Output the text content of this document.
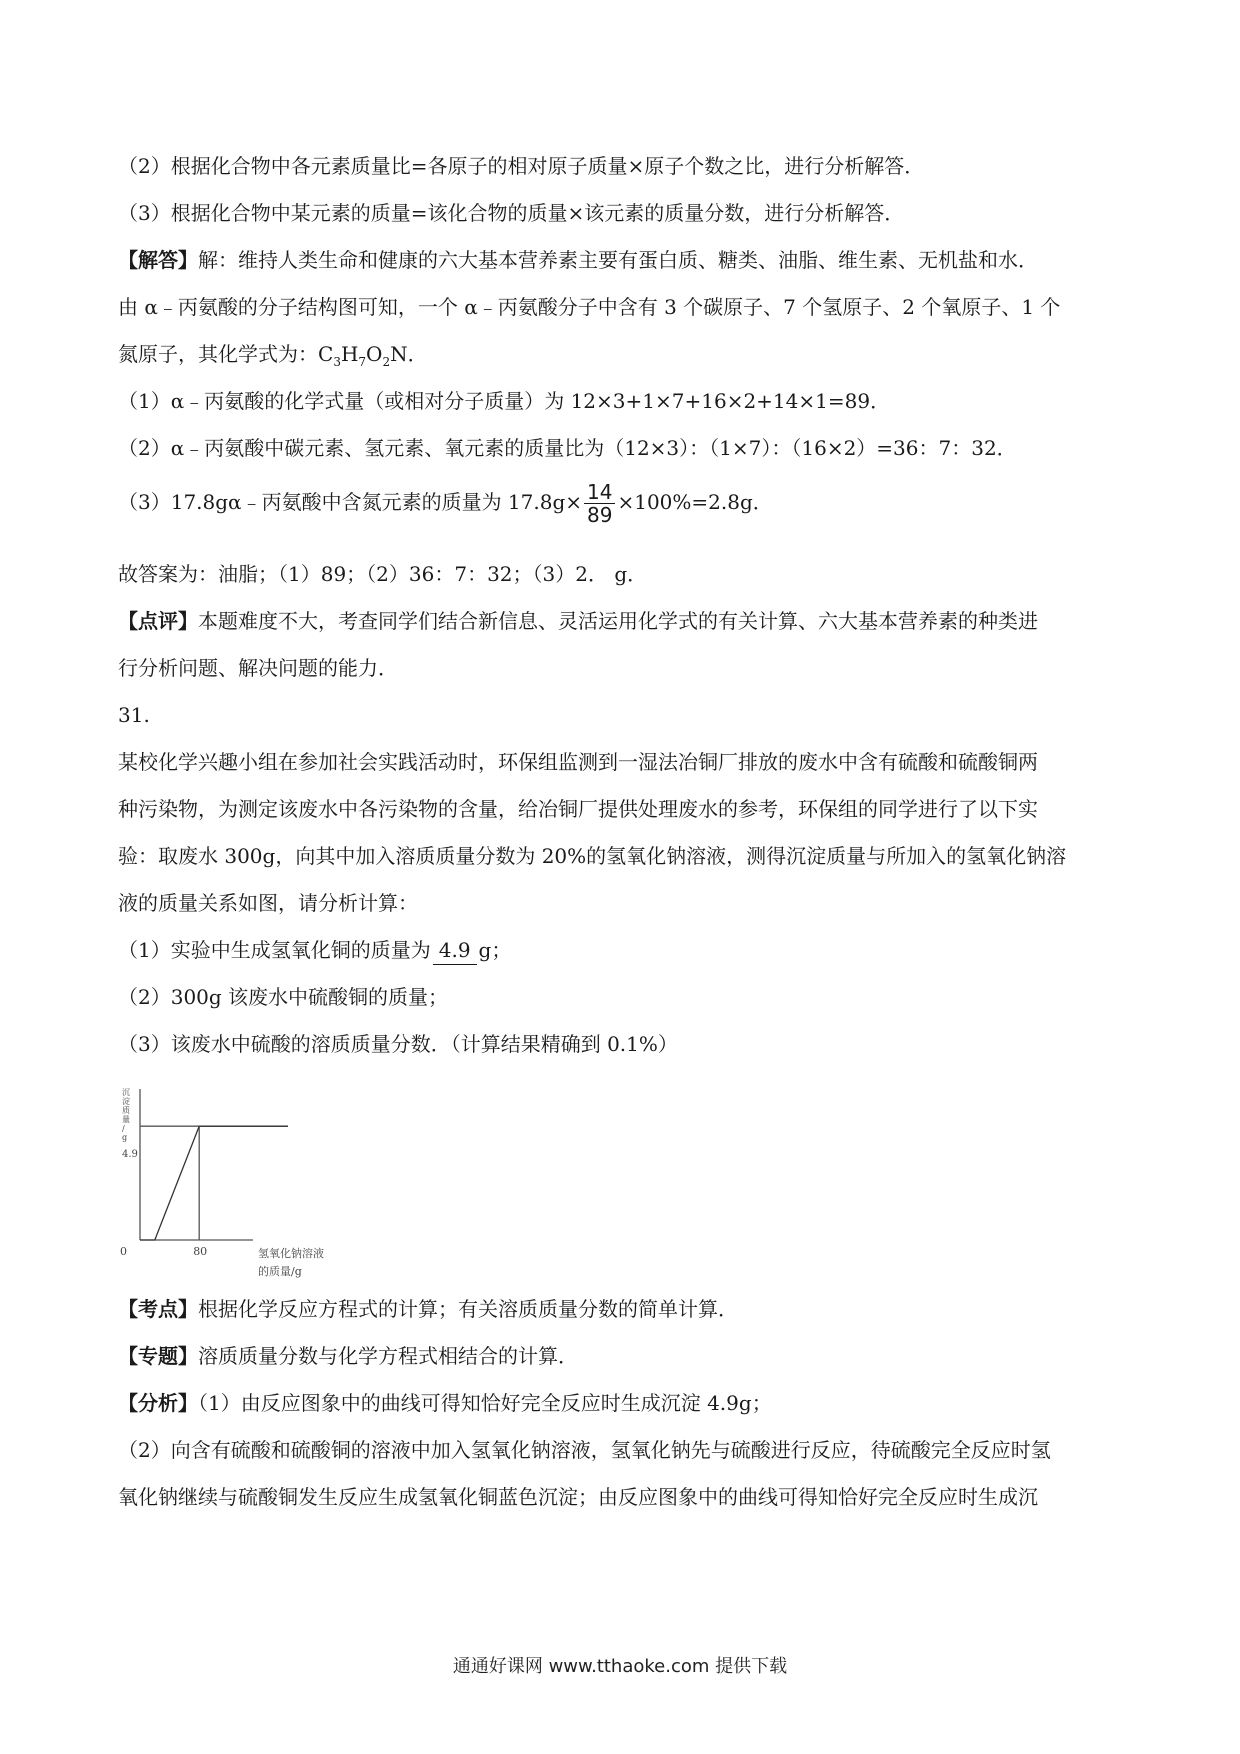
（2）根据化合物中各元素质量比=各原子的相对原子质量×原子个数之比，进行分析解答．
（3）根据化合物中某元素的质量=该化合物的质量×该元素的质量分数，进行分析解答．
【解答】解：维持人类生命和健康的六大基本营养素主要有蛋白质、糖类、油脂、维生素、无机盐和水．
由 α﹣丙氨酸的分子结构图可知，一个 α﹣丙氨酸分子中含有 3 个碳原子、7 个氢原子、2 个氧原子、1 个
氮原子，其化学式为：$C_3H_7O_2N$．
（1）α﹣丙氨酸的化学式量（或相对分子质量）为 12×3+1×7+16×2+14×1=89．
（2）α﹣丙氨酸中碳元素、氢元素、氧元素的质量比为（12×3）：（1×7）：（16×2）=36：7：32．
（3）17.8gα﹣丙氨酸中含氮元素的质量为 $17.8g\times \frac{14}{89} \times 100\%=2.8g$．
故答案为：油脂；（1）89；（2）36：7：32；（3）2． g．
【点评】本题难度不大，考查同学们结合新信息、灵活运用化学式的有关计算、六大基本营养素的种类进
行分析问题、解决问题的能力．
31.
某校化学兴趣小组在参加社会实践活动时，环保组监测到一湿法冶铜厂排放的废水中含有硫酸和硫酸铜两
种污染物，为测定该废水中各污染物的含量，给冶铜厂提供处理废水的参考，环保组的同学进行了以下实
验：取废水 300g，向其中加入溶质质量分数为 20%的氢氧化钠溶液，测得沉淀质量与所加入的氢氧化钠溶
液的质量关系如图，请分析计算：
（1）实验中生成氢氧化铜的质量为 4.9 g；
（2）300g 该废水中硫酸铜的质量；
（3）该废水中硫酸的溶质质量分数．（计算结果精确到 0.1%）
沉淀质量/ g
4.9
0	80	氢氧化钠溶液
的质量/g
【考点】根据化学反应方程式的计算；有关溶质质量分数的简单计算．
【专题】溶质质量分数与化学方程式相结合的计算．
【分析】（1）由反应图象中的曲线可得知恰好完全反应时生成沉淀 4.9g；
（2）向含有硫酸和硫酸铜的溶液中加入氢氧化钠溶液，氢氧化钠先与硫酸进行反应，待硫酸完全反应时氢
氧化钠继续与硫酸铜发生反应生成氢氧化铜蓝色沉淀；由反应图象中的曲线可得知恰好完全反应时生成沉
通通好课网 www.tthaoke.com 提供下载
